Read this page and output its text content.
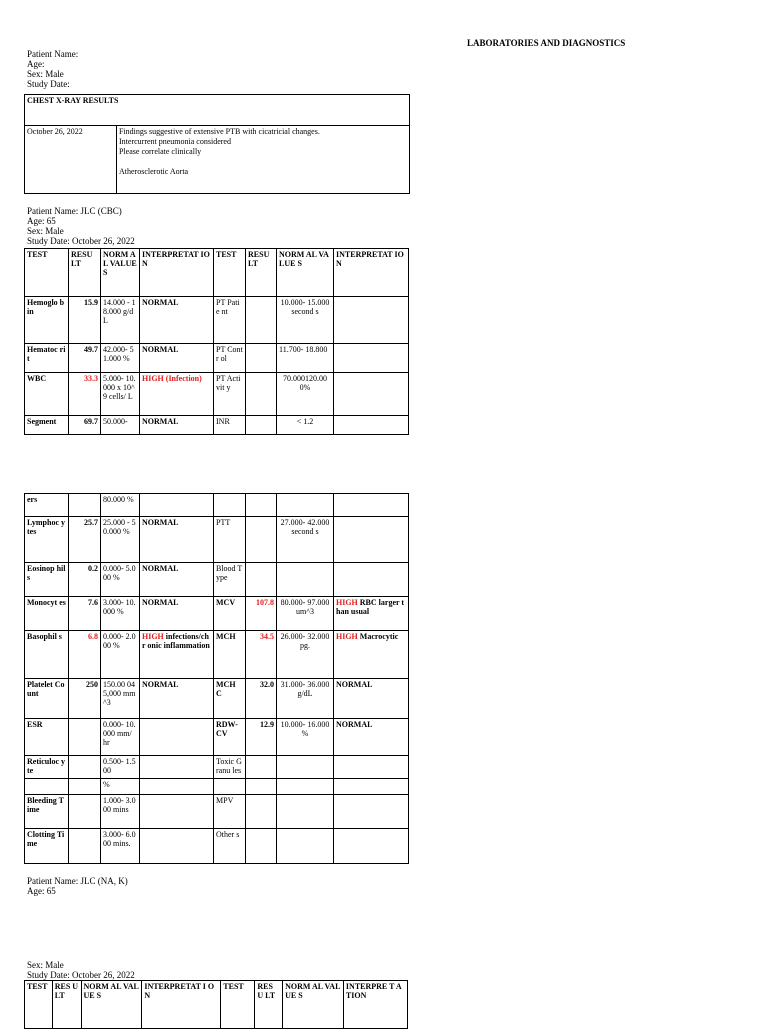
LABORATORIES AND DIAGNOSTICS
Patient Name:
Age:
Sex: Male
Study Date:
CHEST X-RAY RESULTS
October 26, 2022	Findings suggestive of extensive PTB with cicatricial changes.
Intercurrent pneumonia considered
Please correlate clinically

Atherosclerotic Aorta
Patient Name: JLC (CBC)
Age: 65
Sex: Male
Study Date: October 26, 2022
TEST	RESU LT	NORM AL VALUE S	INTERPRETAT ION	TEST	RESU LT	NORM AL VALUE S	INTERPRETAT ION
Hemoglo bin	15.9	14.000 - 18.000 g/dL	NORMAL	PT Patie nt		10.000- 15.000 second s	
Hematoc rit	49.7	42.000- 51.000 %	NORMAL	PT Contr ol		11.700- 18.800	
WBC	33.3	5.000- 10.000 x 10^9 cells/ L	HIGH (Infection)	PT Activit y		70.000120.00 0%	
Segment	69.7	50.000-	NORMAL	INR		< 1.2	
ers		80.000 %					
Lymphoc ytes	25.7	25.000 - 50.000 %	NORMAL	PTT		27.000- 42.000 second s	
Eosinop hils	0.2	0.000- 5.000 %	NORMAL	Blood Type			
Monocyt es	7.6	3.000- 10.000 %	NORMAL	MCV	107.8	80.000- 97.000 um^3	HIGH RBC larger than usual
Basophil s	6.8	0.000- 2.000 %	HIGH infections/chr onic inflammation	MCH	34.5	26.000- 32.000 pg.	HIGH Macrocytic
Platelet Count	250	150.00 045,000 mm^3	NORMAL	MCH C	32.0	31.000- 36.000 g/dL	NORMAL
ESR		0.000- 10.000 mm/ hr		RDW- CV	12.9	10.000- 16.000 %	NORMAL
Reticuloc yte		0.500- 1.500		Toxic Granu les			
		%					
Bleeding Time		1.000- 3.000 mins		MPV			
Clotting Time		3.000- 6.000 mins.		Other s			
Patient Name: JLC (NA, K)
Age: 65
Sex: Male
Study Date: October 26, 2022
TEST	RES U LT	NORM AL VALUE S	INTERPRETAT I ON	TEST	RES U LT	NORM AL VALUE S	INTERPRE T A TION
